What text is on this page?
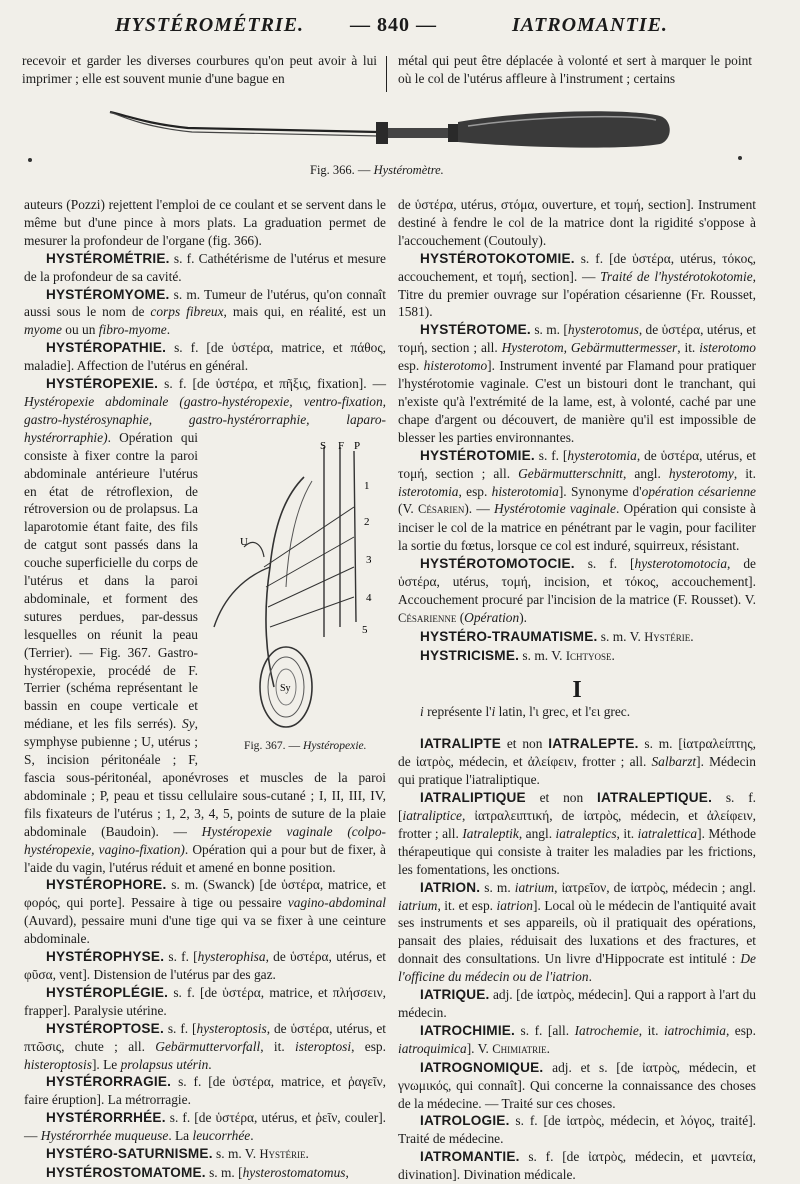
HYSTÉROMÉTRIE. — 840 —	IATROMANTIE.
recevoir et garder les diverses courbures qu'on peut avoir à lui imprimer ; elle est souvent munie d'une bague en
métal qui peut être déplacée à volonté et sert à marquer le point où le col de l'utérus affleure à l'instrument ; certains
Fig. 366. — Hystéromètre.

auteurs (Pozzi) rejettent l'emploi de ce coulant et se servent dans le même but d'une pince à mors plats. La graduation permet de mesurer la profondeur de l'organe (fig. 366).

HYSTÉROMÉTRIE. s. f. Cathétérisme de l'utérus et mesure de la profondeur de sa cavité.

HYSTÉROMYOME. s. m. Tumeur de l'utérus, qu'on connaît aussi sous le nom de corps fibreux, mais qui, en réalité, est un myome ou un fibro-myome.

HYSTÉROPATHIE. s. f. [de ὑστέρα, matrice, et πάθος, maladie]. Affection de l'utérus en général.

HYSTÉROPEXIE. s. f. [de ὑστέρα, et πῆξις, fixation]. — Hystéropexie abdominale (gastro-hystéropexie, ventro-fixation, gastro-hystérosynaphie, gastro-hystérorraphie, laparo-hystérorraphie)
S F P
U
Sy
1
2
3
4
5
Fig. 367. — Hystéropexie.
. Opération qui consiste à fixer contre la paroi abdominale antérieure l'utérus en état de rétroflexion, de rétroversion ou de prolapsus. La laparotomie étant faite, des fils de catgut sont passés dans la couche superficielle du corps de l'utérus et dans la paroi abdominale, et forment des sutures perdues, par-dessus lesquelles on réunit la peau (Terrier). — Fig. 367. Gastro-hystéropexie, procédé de F. Terrier (schéma représentant le bassin en coupe verticale et médiane, et les fils serrés). Sy, symphyse pubienne ; U, utérus ; S, incision péritonéale ; F, fascia sous-péritonéal, aponévroses et muscles de la paroi abdominale ; P, peau et tissu cellulaire sous-cutané ; I, II, III, IV, fils fixateurs de l'utérus ; 1, 2, 3, 4, 5, points de suture de la plaie abdominale (Baudoin). — Hystéropexie vaginale (colpo-hystéropexie, vagino-fixation). Opération qui a pour but de fixer, à l'aide du vagin, l'utérus réduit et amené en bonne position.

HYSTÉROPHORE. s. m. (Swanck) [de ὑστέρα, matrice, et φορός, qui porte]. Pessaire à tige ou pessaire vagino-abdominal (Auvard), pessaire muni d'une tige qui va se fixer à une ceinture abdominale.

HYSTÉROPHYSE. s. f. [hysterophisa, de ὑστέρα, utérus, et φῦσα, vent]. Distension de l'utérus par des gaz.

HYSTÉROPLÉGIE. s. f. [de ὑστέρα, matrice, et πλήσσειν, frapper]. Paralysie utérine.

HYSTÉROPTOSE. s. f. [hysteroptosis, de ὑστέρα, utérus, et πτῶσις, chute ; all. Gebärmuttervorfall, it. isteroptosi, esp. histeroptosis]. Le prolapsus utérin.

HYSTÉRORRAGIE. s. f. [de ὑστέρα, matrice, et ῥαγεῖν, faire éruption]. La métrorragie.

HYSTÉRORRHÉE. s. f. [de ὑστέρα, utérus, et ῥεῖν, couler]. — Hystérorrhée muqueuse. La leucorrhée.

HYSTÉRO-SATURNISME. s. m. V. Hystérie.

HYSTÉROSTOMATOME. s. m. [hysterostomatomus,

de ὑστέρα, utérus, στόμα, ouverture, et τομή, section]. Instrument destiné à fendre le col de la matrice dont la rigidité s'oppose à l'accouchement (Coutouly).

HYSTÉROTOKOTOMIE. s. f. [de ὑστέρα, utérus, τόκος, accouchement, et τομή, section]. — Traité de l'hystérotokotomie, Titre du premier ouvrage sur l'opération césarienne (Fr. Rousset, 1581).

HYSTÉROTOME. s. m. [hysterotomus, de ὑστέρα, utérus, et τομή, section ; all. Hysterotom, Gebärmuttermesser, it. isterotomo esp. histerotomo]. Instrument inventé par Flamand pour pratiquer l'hystérotomie vaginale. C'est un bistouri dont le tranchant, qui n'existe qu'à l'extrémité de la lame, est, à volonté, caché par une chape d'argent ou découvert, de manière qu'il est impossible de blesser les parties environnantes.

HYSTÉROTOMIE. s. f. [hysterotomia, de ὑστέρα, utérus, et τομή, section ; all. Gebärmutterschnitt, angl. hysterotomy, it. isterotomia, esp. histerotomia]. Synonyme d'opération césarienne (V. Césarien). — Hystérotomie vaginale. Opération qui consiste à inciser le col de la matrice en pénétrant par le vagin, pour faciliter la sortie du fœtus, lorsque ce col est induré, squirreux, résistant.

HYSTÉROTOMOTOCIE. s. f. [hysterotomotocia, de ὑστέρα, utérus, τομή, incision, et τόκος, accouchement]. Accouchement procuré par l'incision de la matrice (F. Rousset). V. Césarienne (Opération).

HYSTÉRO-TRAUMATISME. s. m. V. Hystérie.

HYSTRICISME. s. m. V. Ichtyose.

I

i représente l'i latin, l'ι grec, et l'ει grec.

IATRALIPTE et non IATRALEPTE. s. m. [ἰατραλείπτης, de ἰατρὸς, médecin, et ἀλείφειν, frotter ; all. Salbarzt]. Médecin qui pratique l'iatraliptique.

IATRALIPTIQUE et non IATRALEPTIQUE. s. f. [iatraliptice, ἰατραλειπτική, de ἰατρὸς, médecin, et ἀλείφειν, frotter ; all. Iatraleptik, angl. iatraleptics, it. iatralettica]. Méthode thérapeutique qui consiste à traiter les maladies par les frictions, les fomentations, les onctions.

IATRION. s. m. iatrium, ἰατρεῖον, de ἰατρὸς, médecin ; angl. iatrium, it. et esp. iatrion]. Local où le médecin de l'antiquité avait ses instruments et ses appareils, où il pratiquait des opérations, pansait des plaies, réduisait des luxations et des fractures, et donnait des consultations. Un livre d'Hippocrate est intitulé : De l'officine du médecin ou de l'iatrion.

IATRIQUE. adj. [de ἰατρὸς, médecin]. Qui a rapport à l'art du médecin.

IATROCHIMIE. s. f. [all. Iatrochemie, it. iatrochimia, esp. iatroquimica]. V. Chimiatrie.

IATROGNOMIQUE. adj. et s. [de ἰατρὸς, médecin, et γνωμικός, qui connaît]. Qui concerne la connaissance des choses de la médecine. — Traité sur ces choses.

IATROLOGIE. s. f. [de ἰατρὸς, médecin, et λόγος, traité]. Traité de médecine.

IATROMANTIE. s. f. [de ἰατρὸς, médecin, et μαντεία, divination]. Divination médicale.
